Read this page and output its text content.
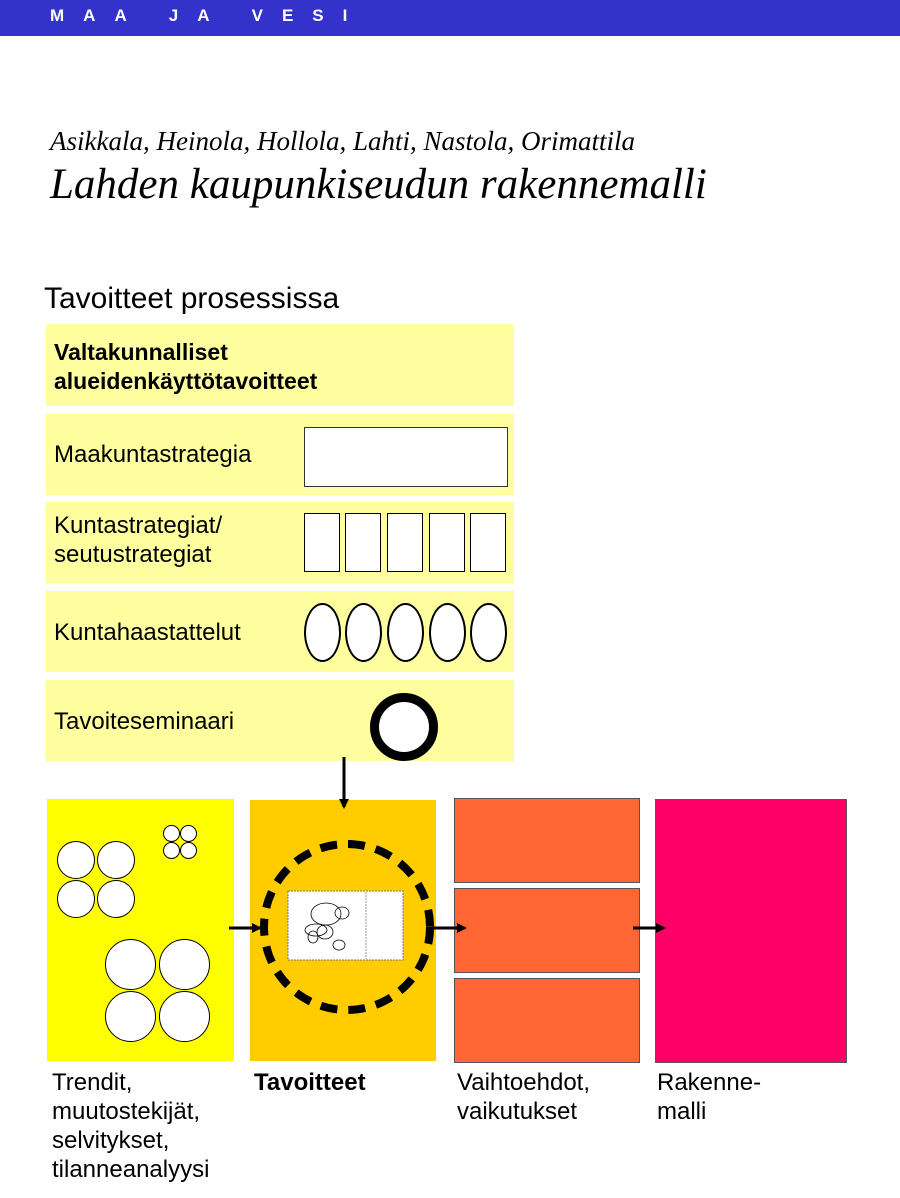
MAA JA VESI
Asikkala, Heinola, Hollola, Lahti, Nastola, Orimattila
Lahden kaupunkiseudun rakennemalli
Tavoitteet prosessissa
Valtakunnalliset
alueidenkäyttötavoitteet
Maakuntastrategia
Kuntastrategiat/
seutustrategiat
Kuntahaastattelut
Tavoiteseminaari
Trendit,
muutostekijät,
selvitykset,
tilanneanalyysi
Tavoitteet	Vaihtoehdot,
vaikutukset
Rakenne-
malli
